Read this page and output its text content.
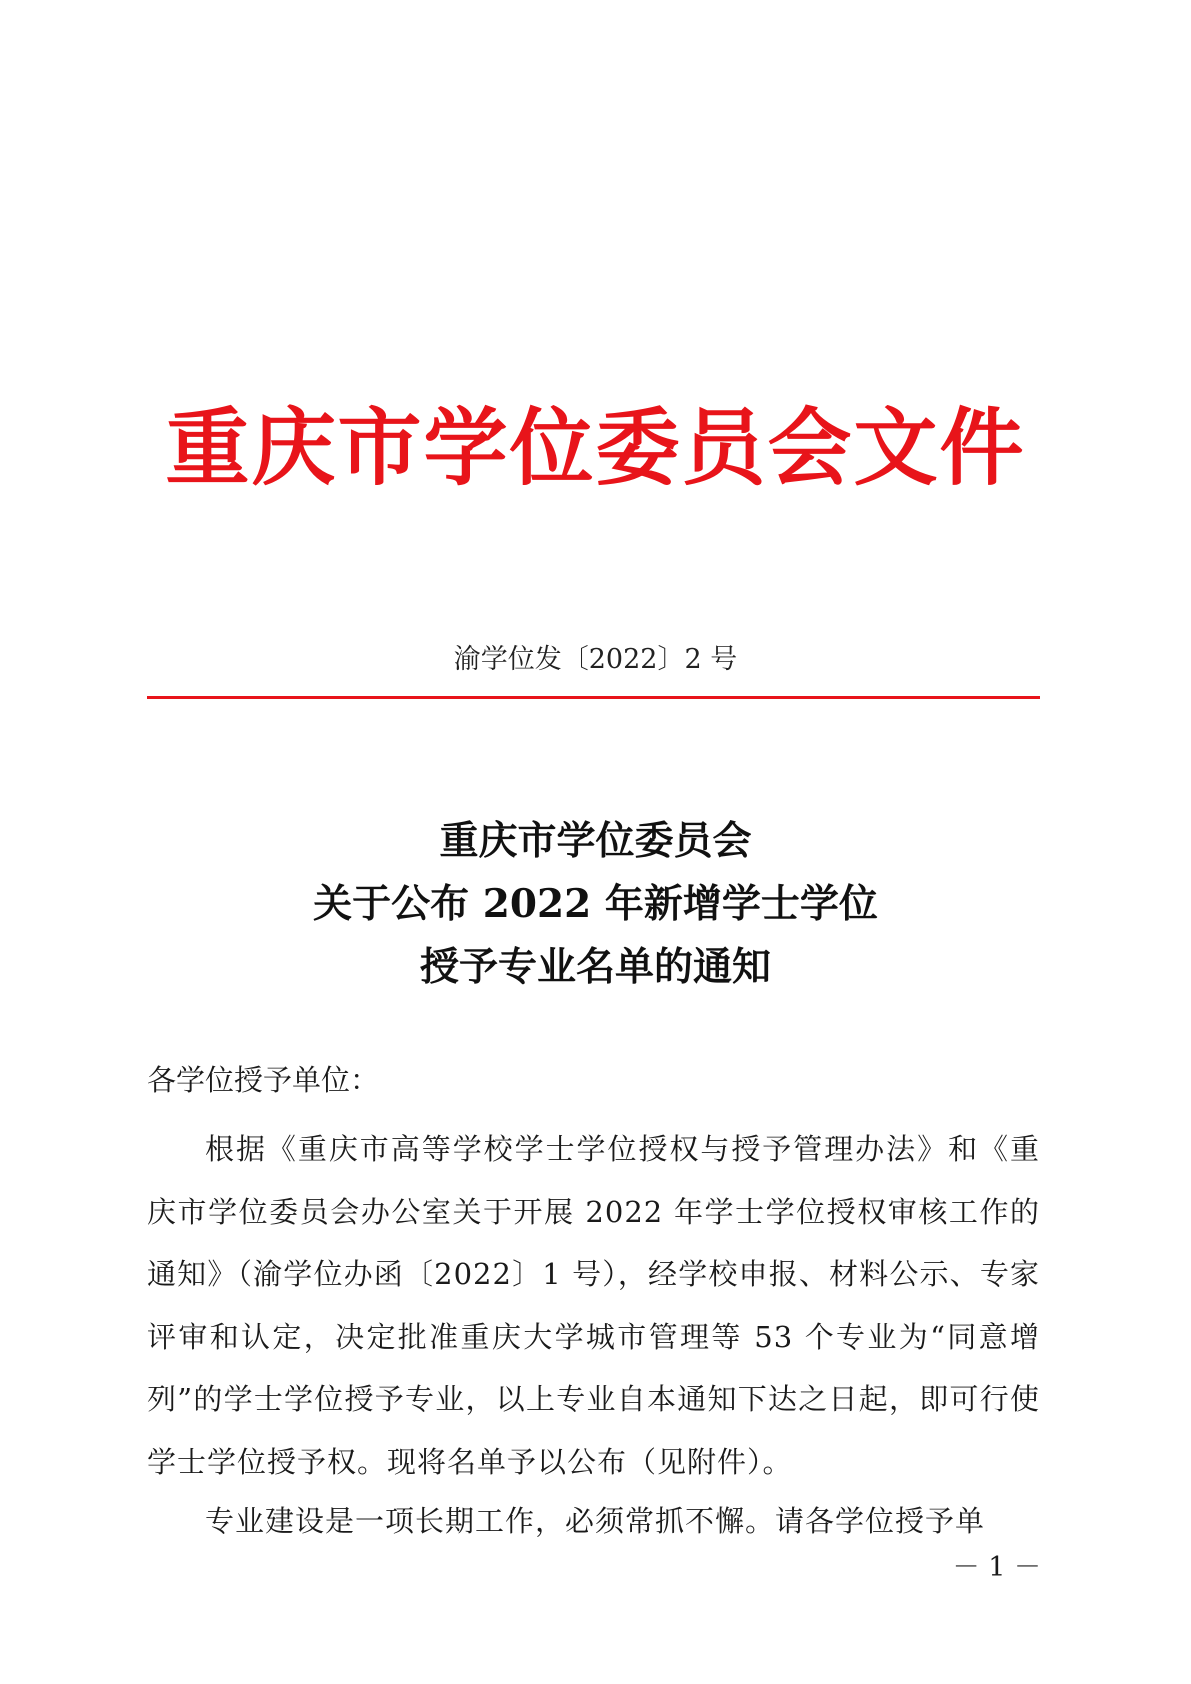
重庆市学位委员会文件
渝学位发〔2022〕2 号
重庆市学位委员会
关于公布 2022 年新增学士学位
授予专业名单的通知
各学位授予单位：
根据《重庆市高等学校学士学位授权与授予管理办法》和《重庆市学位委员会办公室关于开展 2022 年学士学位授权审核工作的通知》（渝学位办函〔2022〕1 号），经学校申报、材料公示、专家评审和认定，决定批准重庆大学城市管理等 53 个专业为“同意增列”的学士学位授予专业，以上专业自本通知下达之日起，即可行使学士学位授予权。现将名单予以公布（见附件）。
专业建设是一项长期工作，必须常抓不懈。请各学位授予单
－ 1 －
